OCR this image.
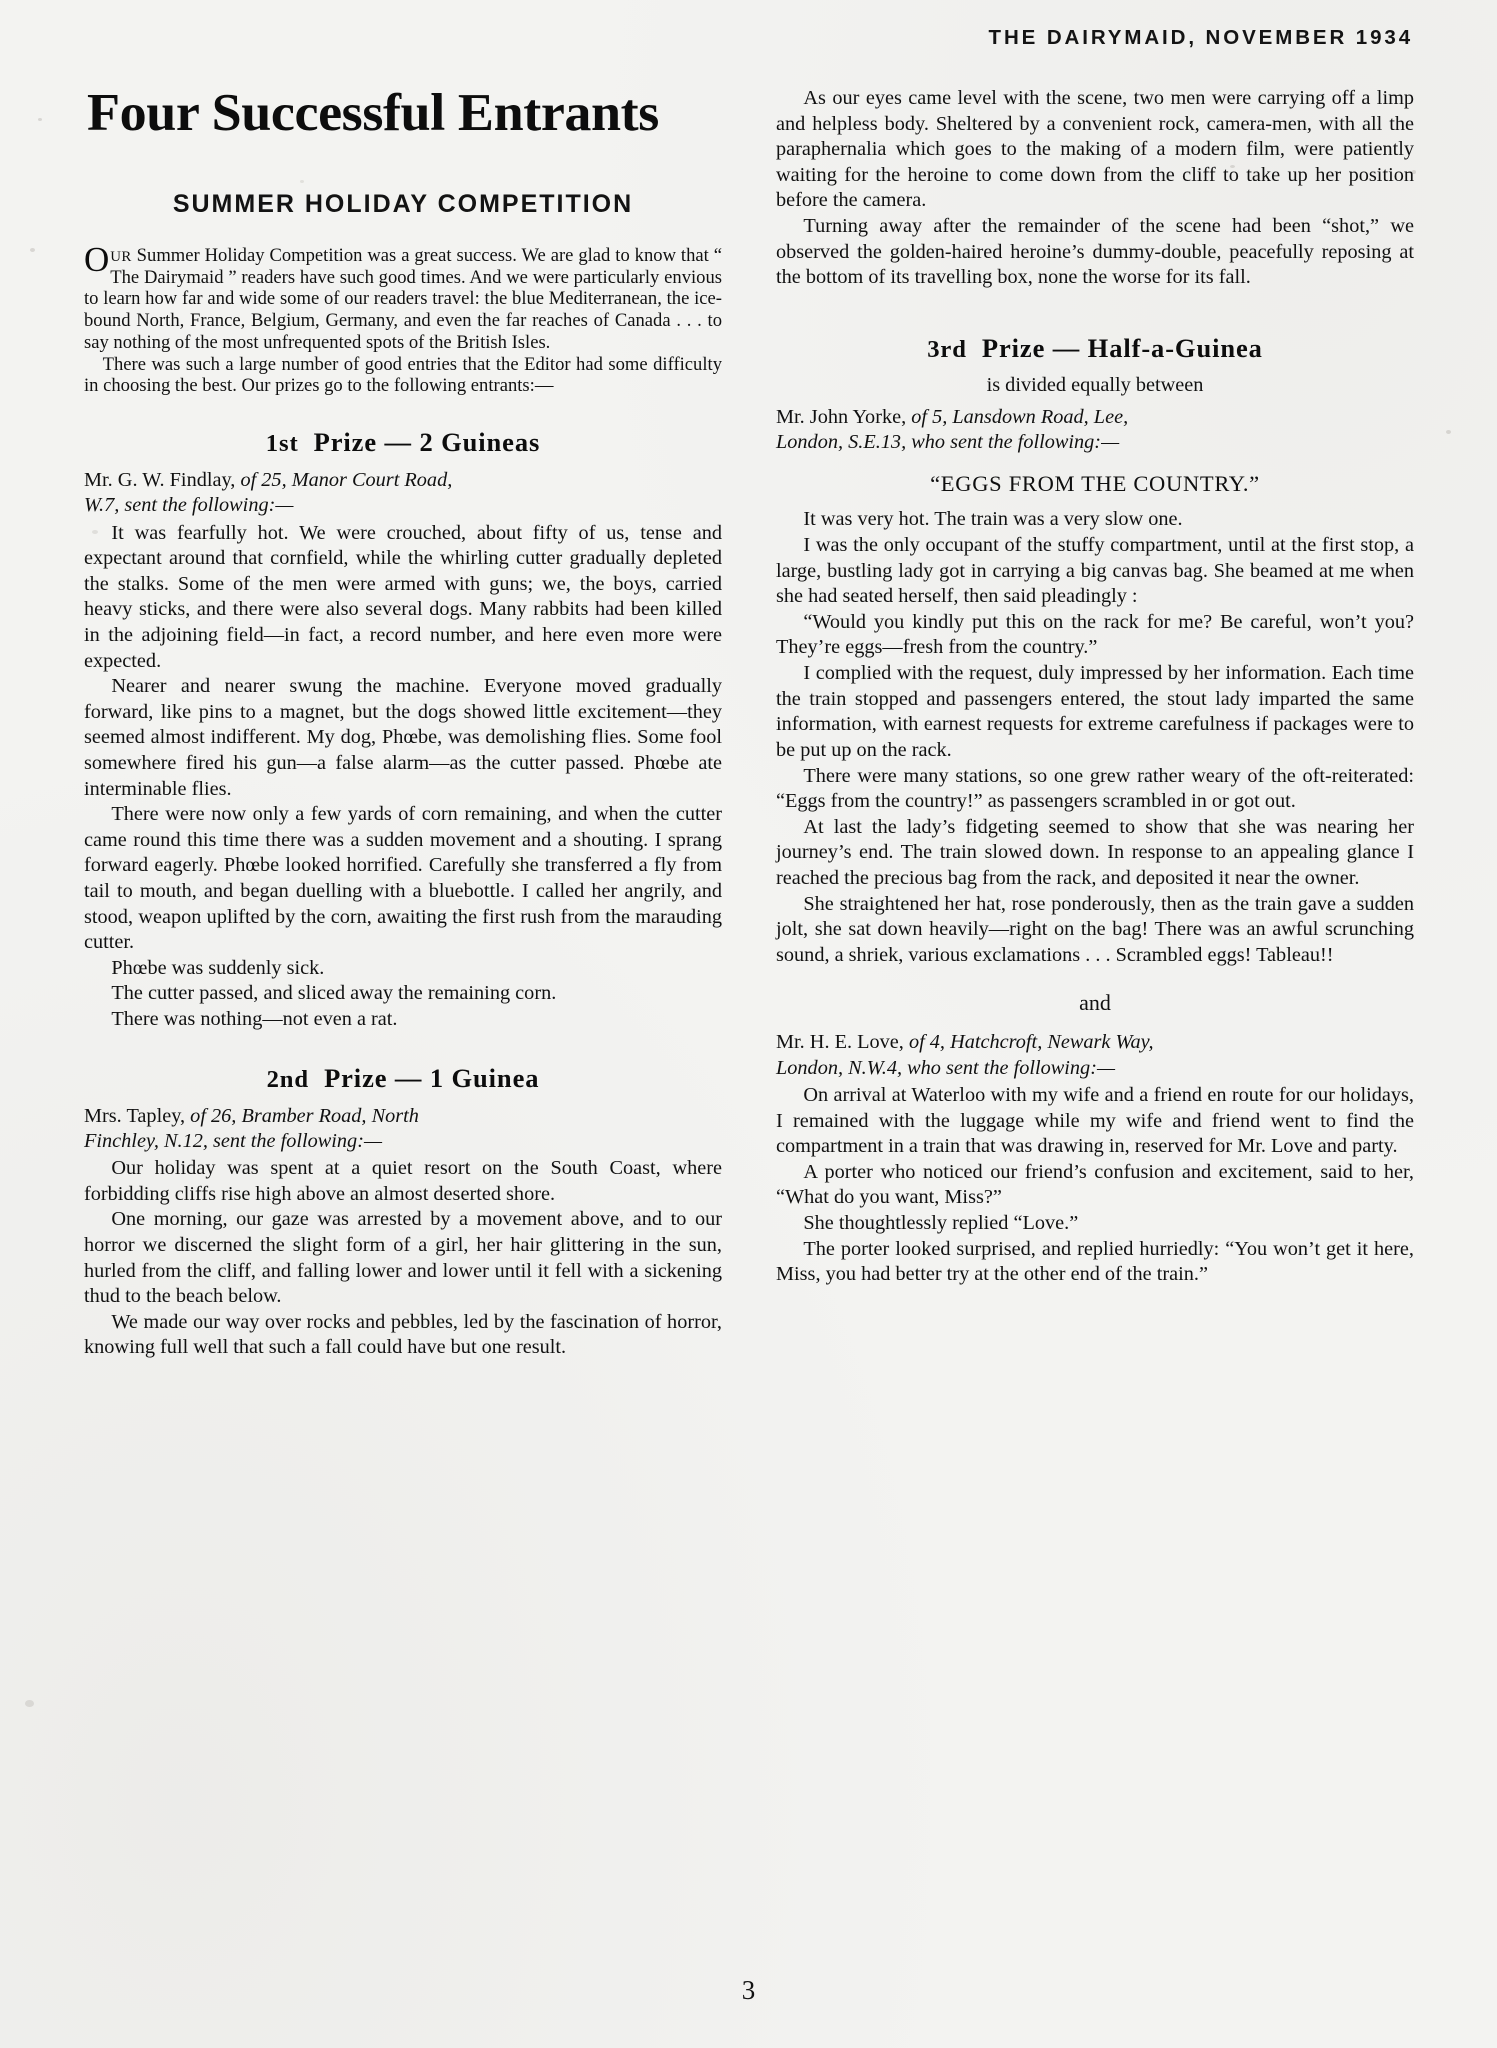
THE DAIRYMAID, NOVEMBER 1934
Four Successful Entrants
SUMMER HOLIDAY COMPETITION

OUR Summer Holiday Competition was a great success. We are glad to know that “ The Dairymaid ” readers have such good times. And we were particularly envious to learn how far and wide some of our readers travel: the blue Mediterranean, the ice-bound North, France, Belgium, Germany, and even the far reaches of Canada . . . to say nothing of the most unfrequented spots of the British Isles.

There was such a large number of good entries that the Editor had some difficulty in choosing the best. Our prizes go to the following entrants:—

1st Prize — 2 Guineas

Mr. G. W. Findlay, of 25, Manor Court Road,
W.7, sent the following:—

It was fearfully hot. We were crouched, about fifty of us, tense and expectant around that cornfield, while the whirling cutter gradually depleted the stalks. Some of the men were armed with guns; we, the boys, carried heavy sticks, and there were also several dogs. Many rabbits had been killed in the adjoining field—in fact, a record number, and here even more were expected.

Nearer and nearer swung the machine. Everyone moved gradually forward, like pins to a magnet, but the dogs showed little excitement—they seemed almost indifferent. My dog, Phœbe, was demolishing flies. Some fool somewhere fired his gun—a false alarm—as the cutter passed. Phœbe ate interminable flies.

There were now only a few yards of corn remaining, and when the cutter came round this time there was a sudden movement and a shouting. I sprang forward eagerly. Phœbe looked horrified. Carefully she transferred a fly from tail to mouth, and began duelling with a bluebottle. I called her angrily, and stood, weapon uplifted by the corn, awaiting the first rush from the marauding cutter.

Phœbe was suddenly sick.

The cutter passed, and sliced away the remaining corn.

There was nothing—not even a rat.

2nd Prize — 1 Guinea

Mrs. Tapley, of 26, Bramber Road, North
Finchley, N.12, sent the following:—

Our holiday was spent at a quiet resort on the South Coast, where forbidding cliffs rise high above an almost deserted shore.

One morning, our gaze was arrested by a movement above, and to our horror we discerned the slight form of a girl, her hair glittering in the sun, hurled from the cliff, and falling lower and lower until it fell with a sickening thud to the beach below.

We made our way over rocks and pebbles, led by the fascination of horror, knowing full well that such a fall could have but one result.

As our eyes came level with the scene, two men were carrying off a limp and helpless body. Sheltered by a convenient rock, camera-men, with all the paraphernalia which goes to the making of a modern film, were patiently waiting for the heroine to come down from the cliff to take up her position before the camera.

Turning away after the remainder of the scene had been “shot,” we observed the golden-haired heroine’s dummy-double, peacefully reposing at the bottom of its travelling box, none the worse for its fall.

3rd Prize — Half-a-Guinea
is divided equally between

Mr. John Yorke, of 5, Lansdown Road, Lee,
London, S.E.13, who sent the following:—

“EGGS FROM THE COUNTRY.”

It was very hot. The train was a very slow one.

I was the only occupant of the stuffy compartment, until at the first stop, a large, bustling lady got in carrying a big canvas bag. She beamed at me when she had seated herself, then said pleadingly :

“Would you kindly put this on the rack for me? Be careful, won’t you? They’re eggs—fresh from the country.”

I complied with the request, duly impressed by her information. Each time the train stopped and passengers entered, the stout lady imparted the same information, with earnest requests for extreme carefulness if packages were to be put up on the rack.

There were many stations, so one grew rather weary of the oft-reiterated: “Eggs from the country!” as passengers scrambled in or got out.

At last the lady’s fidgeting seemed to show that she was nearing her journey’s end. The train slowed down. In response to an appealing glance I reached the precious bag from the rack, and deposited it near the owner.

She straightened her hat, rose ponderously, then as the train gave a sudden jolt, she sat down heavily—right on the bag! There was an awful scrunching sound, a shriek, various exclamations . . . Scrambled eggs! Tableau!!

and

Mr. H. E. Love, of 4, Hatchcroft, Newark Way,
London, N.W.4, who sent the following:—

On arrival at Waterloo with my wife and a friend en route for our holidays, I remained with the luggage while my wife and friend went to find the compartment in a train that was drawing in, reserved for Mr. Love and party.

A porter who noticed our friend’s confusion and excitement, said to her, “What do you want, Miss?”

She thoughtlessly replied “Love.”

The porter looked surprised, and replied hurriedly: “You won’t get it here, Miss, you had better try at the other end of the train.”

3
